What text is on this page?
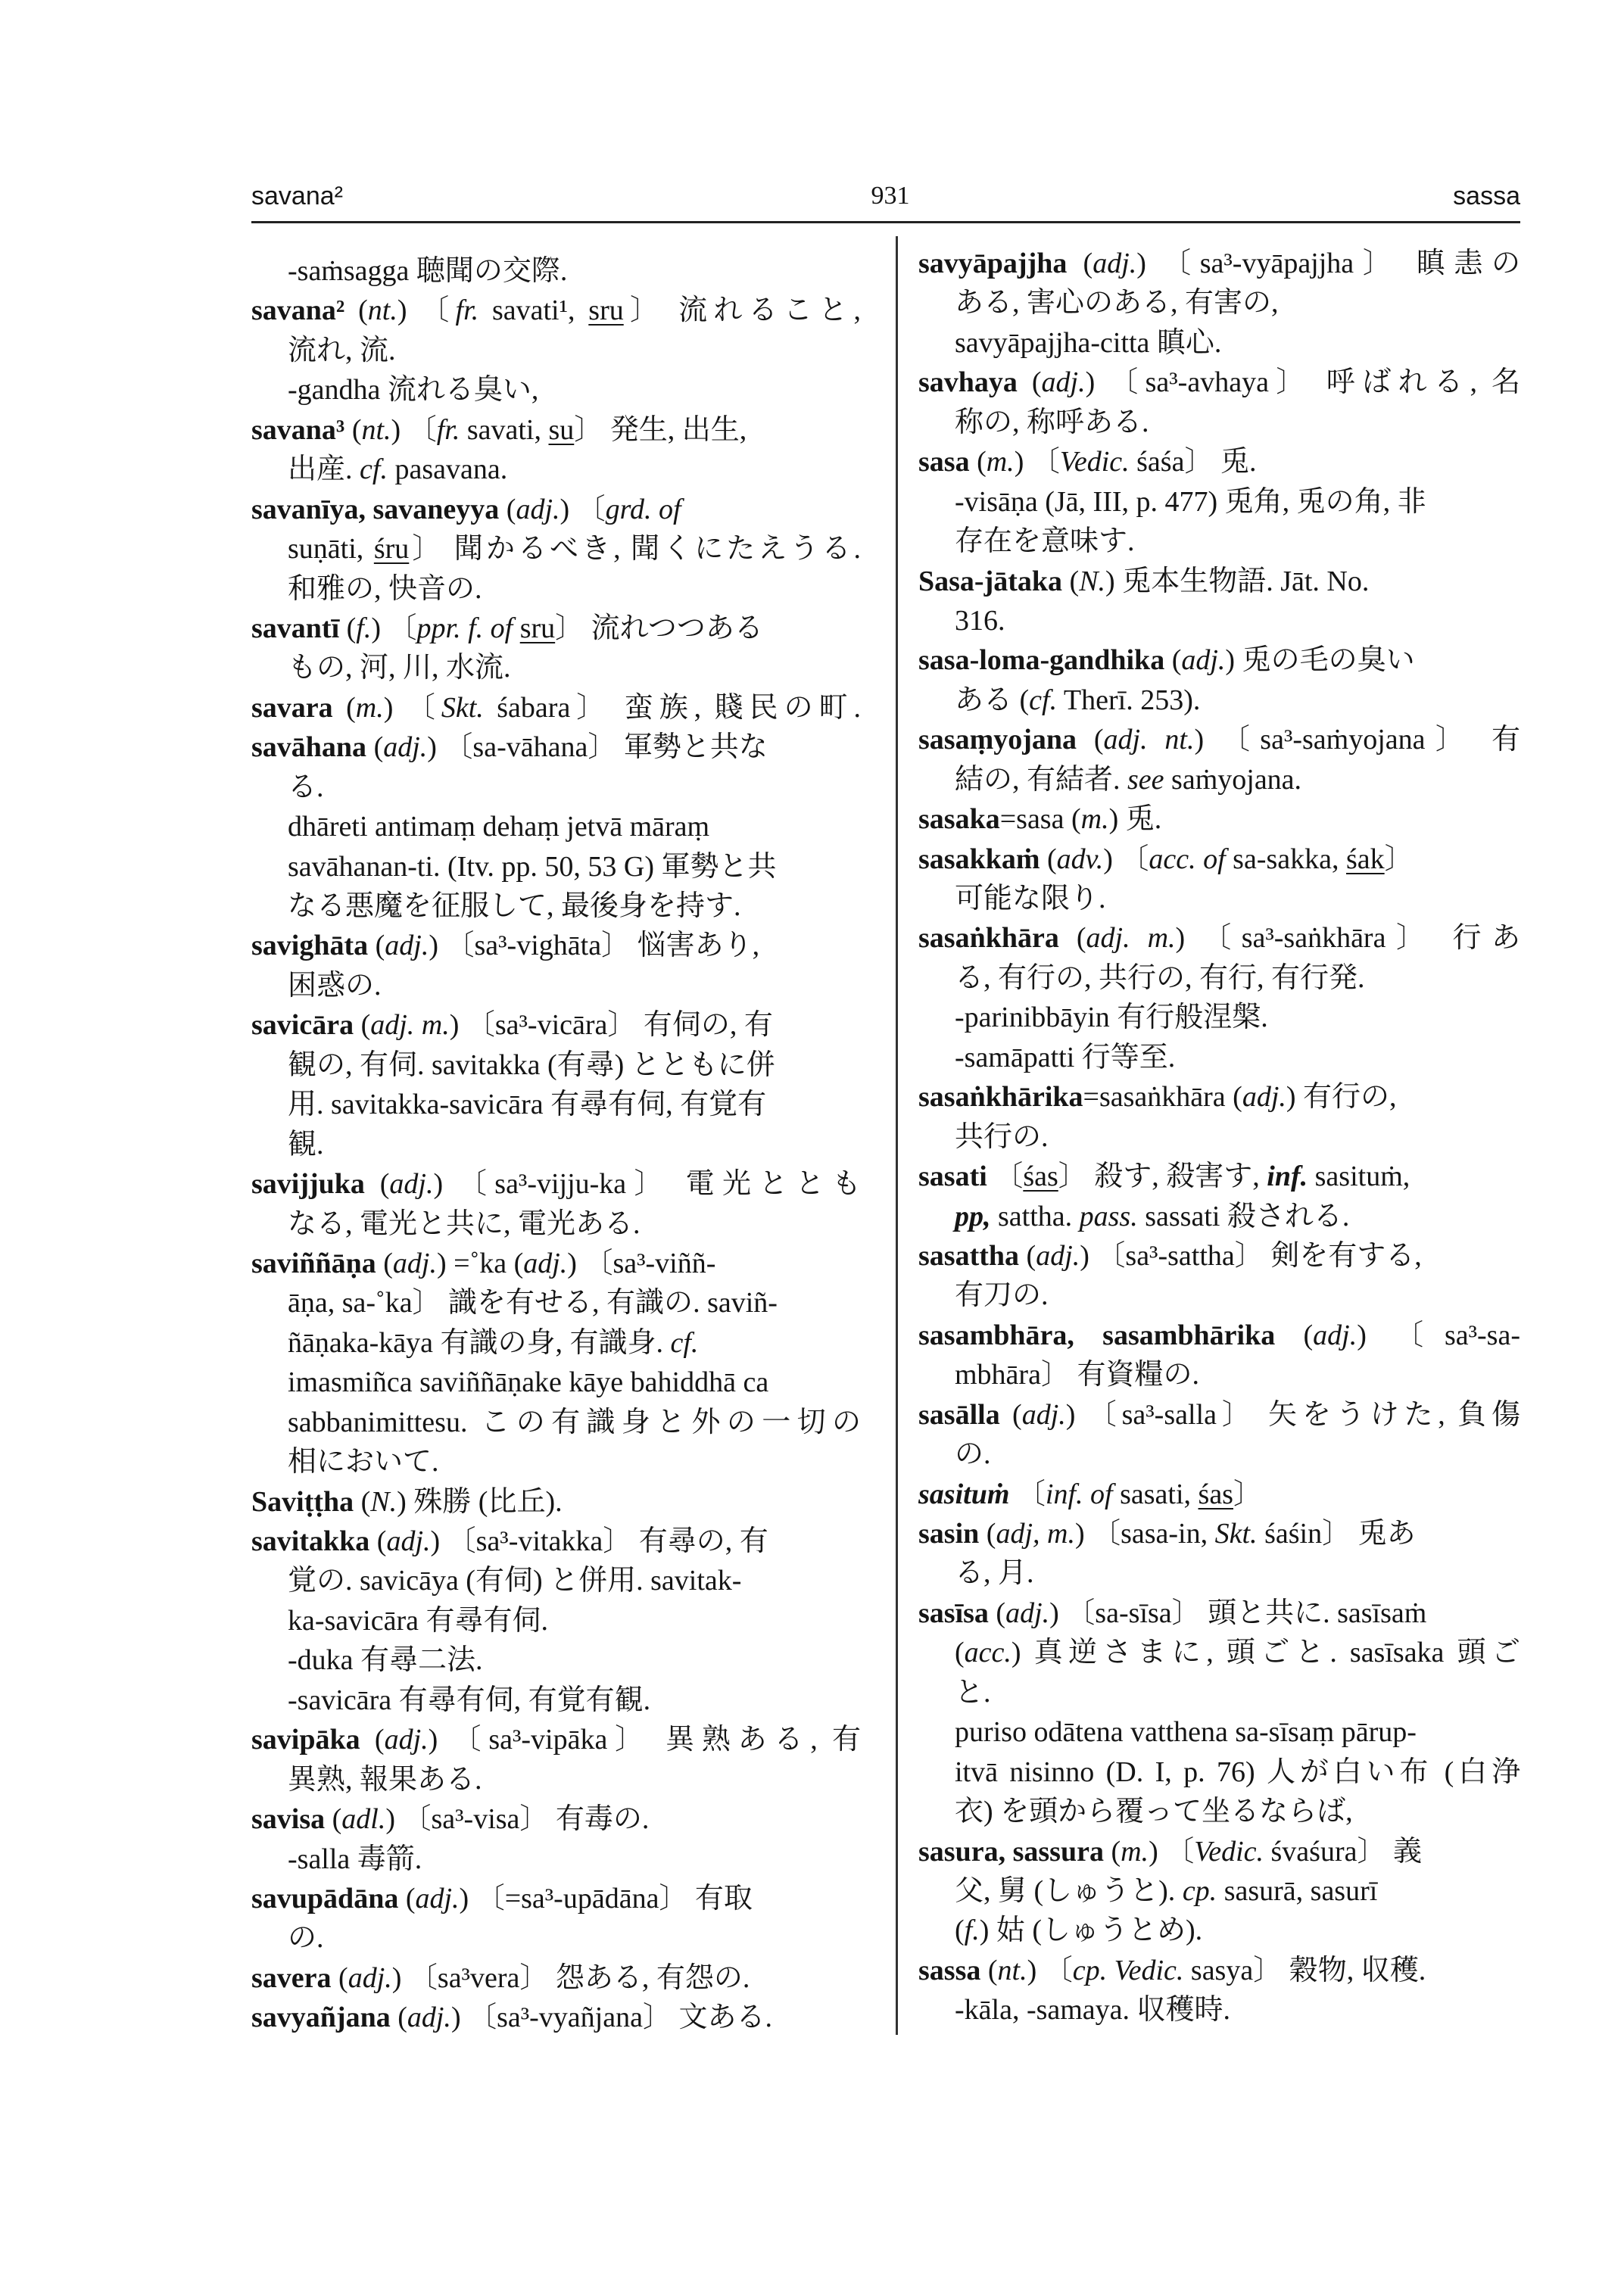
savana²	931	sassa
-saṁsagga 聴聞の交際.
savana² (nt.) 〔fr. savati¹, sru〕 流れること,
流れ, 流.
-gandha 流れる臭い,
savana³ (nt.) 〔fr. savati, su〕 発生, 出生,
出産. cf. pasavana.
savanīya, savaneyya (adj.) 〔grd. of
suṇāti, śru〕 聞かるべき, 聞くにたえうる.
和雅の, 快音の.
savantī (f.) 〔ppr. f. of sru〕 流れつつある
もの, 河, 川, 水流.
savara (m.) 〔Skt. śabara〕 蛮族, 賤民の町.
savāhana (adj.) 〔sa-vāhana〕 軍勢と共な
る.
dhāreti antimaṃ dehaṃ jetvā māraṃ
savāhanan-ti. (Itv. pp. 50, 53 G) 軍勢と共
なる悪魔を征服して, 最後身を持す.
savighāta (adj.) 〔sa³-vighāta〕 悩害あり,
困惑の.
savicāra (adj. m.) 〔sa³-vicāra〕 有伺の, 有
観の, 有伺. savitakka (有尋) とともに併
用. savitakka-savicāra 有尋有伺, 有覚有
観.
savijjuka (adj.) 〔sa³-vijju-ka〕 電光ととも
なる, 電光と共に, 電光ある.
saviññāṇa (adj.) =˚ka (adj.) 〔sa³-viññ-
āṇa, sa-˚ka〕 識を有せる, 有識の. saviñ-
ñāṇaka-kāya 有識の身, 有識身. cf.
imasmiñca saviññāṇake kāye bahiddhā ca
sabbanimittesu. この有識身と外の一切の
相において.
Saviṭṭha (N.) 殊勝 (比丘).
savitakka (adj.) 〔sa³-vitakka〕 有尋の, 有
覚の. savicāya (有伺) と併用. savitak-
ka-savicāra 有尋有伺.
-duka 有尋二法.
-savicāra 有尋有伺, 有覚有観.
savipāka (adj.) 〔sa³-vipāka〕 異熟ある, 有
異熟, 報果ある.
savisa (adl.) 〔sa³-visa〕 有毒の.
-salla 毒箭.
savupādāna (adj.) 〔=sa³-upādāna〕 有取
の.
savera (adj.) 〔sa³vera〕 怨ある, 有怨の.
savyañjana (adj.) 〔sa³-vyañjana〕 文ある.
savyāpajjha (adj.) 〔sa³-vyāpajjha〕 瞋恚の
ある, 害心のある, 有害の,
savyāpajjha-citta 瞋心.
savhaya (adj.) 〔sa³-avhaya〕 呼ばれる, 名
称の, 称呼ある.
sasa (m.) 〔Vedic. śaśa〕 兎.
-visāṇa (Jā, III, p. 477) 兎角, 兎の角, 非
存在を意味す.
Sasa-jātaka (N.) 兎本生物語. Jāt. No.
316.
sasa-loma-gandhika (adj.) 兎の毛の臭い
ある (cf. Therī. 253).
sasaṃyojana (adj. nt.) 〔sa³-saṁyojana〕 有
結の, 有結者. see saṁyojana.
sasaka=sasa (m.) 兎.
sasakkaṁ (adv.) 〔acc. of sa-sakka, śak〕
可能な限り.
sasaṅkhāra (adj. m.) 〔sa³-saṅkhāra〕 行あ
る, 有行の, 共行の, 有行, 有行発.
-parinibbāyin 有行般涅槃.
-samāpatti 行等至.
sasaṅkhārika=sasaṅkhāra (adj.) 有行の,
共行の.
sasati 〔śas〕 殺す, 殺害す, inf. sasituṁ,
pp, sattha. pass. sassati 殺される.
sasattha (adj.) 〔sa³-sattha〕 剣を有する,
有刀の.
sasambhāra, sasambhārika (adj.) 〔sa³-sa-
mbhāra〕 有資糧の.
sasālla (adj.) 〔sa³-salla〕 矢をうけた, 負傷
の.
sasituṁ 〔inf. of sasati, śas〕
sasin (adj, m.) 〔sasa-in, Skt. śaśin〕 兎あ
る, 月.
sasīsa (adj.) 〔sa-sīsa〕 頭と共に. sasīsaṁ
(acc.) 真逆さまに, 頭ごと. sasīsaka 頭ご
と.
puriso odātena vatthena sa-sīsaṃ pārup-
itvā nisinno (D. I, p. 76) 人が白い布 (白浄
衣) を頭から覆って坐るならば,
sasura, sassura (m.) 〔Vedic. śvaśura〕 義
父, 舅 (しゅうと). cp. sasurā, sasurī
(f.) 姑 (しゅうとめ).
sassa (nt.) 〔cp. Vedic. sasya〕 穀物, 収穫.
-kāla, -samaya. 収穫時.
